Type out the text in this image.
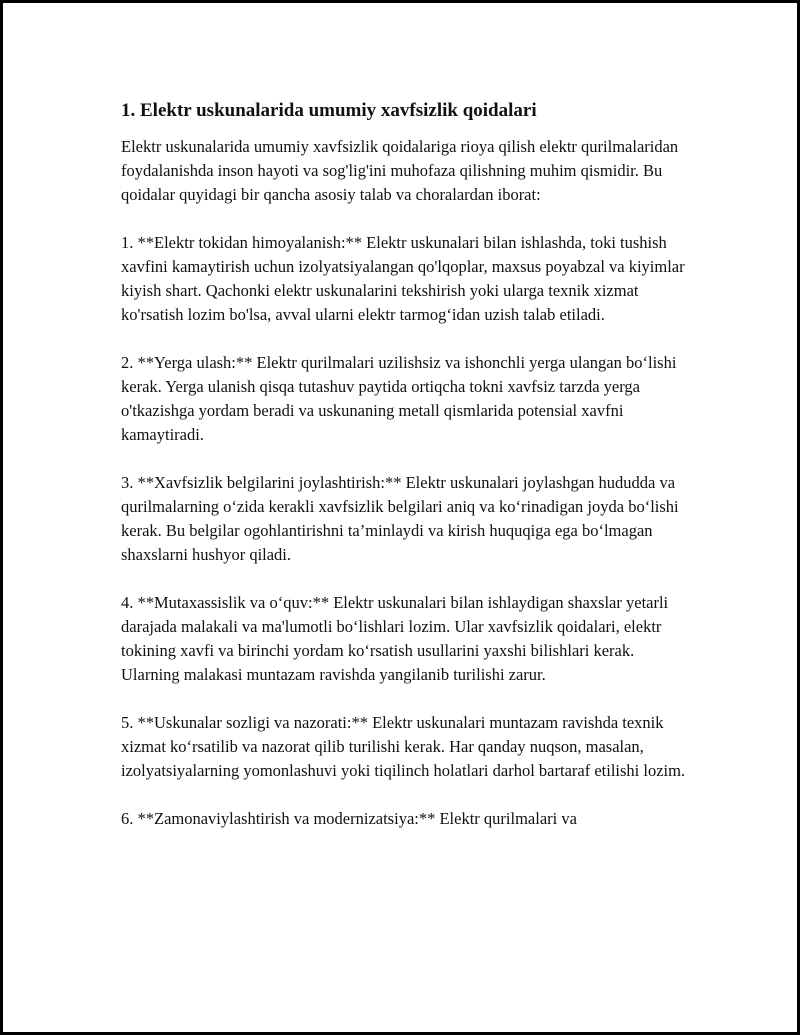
1. Elektr uskunalarida umumiy xavfsizlik qoidalari

Elektr uskunalarida umumiy xavfsizlik qoidalariga rioya qilish elektr qurilmalaridan foydalanishda inson hayoti va sog'lig'ini muhofaza qilishning muhim qismidir. Bu qoidalar quyidagi bir qancha asosiy talab va choralardan iborat:

1. **Elektr tokidan himoyalanish:** Elektr uskunalari bilan ishlashda, toki tushish xavfini kamaytirish uchun izolyatsiyalangan qo'lqoplar, maxsus poyabzal va kiyimlar kiyish shart. Qachonki elektr uskunalarini tekshirish yoki ularga texnik xizmat ko'rsatish lozim bo'lsa, avval ularni elektr tarmog‘idan uzish talab etiladi.

2. **Yerga ulash:** Elektr qurilmalari uzilishsiz va ishonchli yerga ulangan bo‘lishi kerak. Yerga ulanish qisqa tutashuv paytida ortiqcha tokni xavfsiz tarzda yerga o'tkazishga yordam beradi va uskunaning metall qismlarida potensial xavfni kamaytiradi.

3. **Xavfsizlik belgilarini joylashtirish:** Elektr uskunalari joylashgan hududda va qurilmalarning o‘zida kerakli xavfsizlik belgilari aniq va ko‘rinadigan joyda bo‘lishi kerak. Bu belgilar ogohlantirishni ta’minlaydi va kirish huquqiga ega bo‘lmagan shaxslarni hushyor qiladi.

4. **Mutaxassislik va o‘quv:** Elektr uskunalari bilan ishlaydigan shaxslar yetarli darajada malakali va ma'lumotli bo‘lishlari lozim. Ular xavfsizlik qoidalari, elektr tokining xavfi va birinchi yordam ko‘rsatish usullarini yaxshi bilishlari kerak. Ularning malakasi muntazam ravishda yangilanib turilishi zarur.

5. **Uskunalar sozligi va nazorati:** Elektr uskunalari muntazam ravishda texnik xizmat ko‘rsatilib va nazorat qilib turilishi kerak. Har qanday nuqson, masalan, izolyatsiyalarning yomonlashuvi yoki tiqilinch holatlari darhol bartaraf etilishi lozim.

6. **Zamonaviylashtirish va modernizatsiya:** Elektr qurilmalari va
